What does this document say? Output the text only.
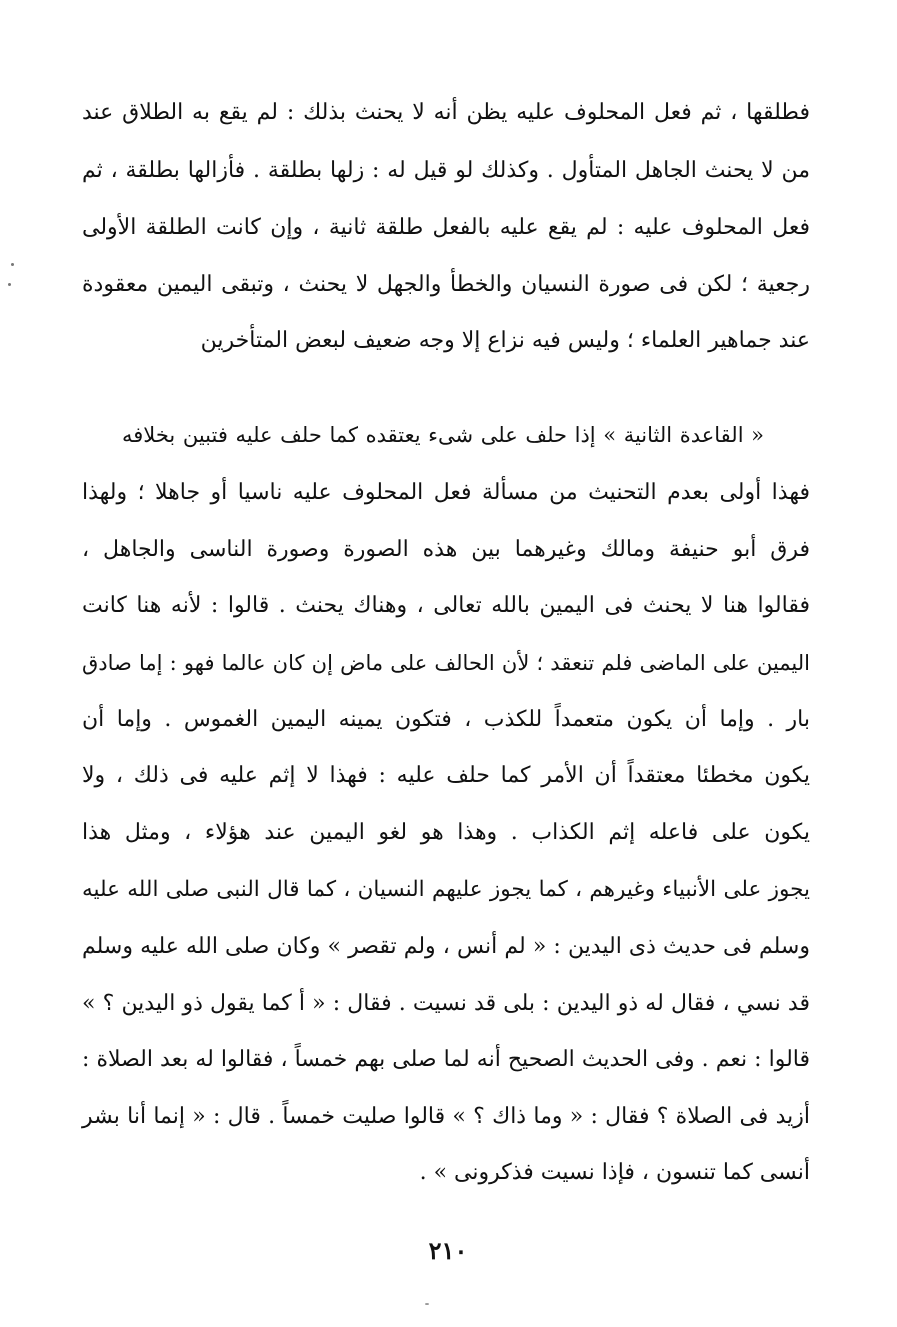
فطلقها ، ثم فعل المحلوف عليه يظن أنه لا يحنث بذلك : لم يقع به الطلاق عند
من لا يحنث الجاهل المتأول . وكذلك لو قيل له : زلها بطلقة . فأزالها بطلقة ، ثم
فعل المحلوف عليه : لم يقع عليه بالفعل طلقة ثانية ، وإن كانت الطلقة الأولى
رجعية ؛ لكن فى صورة النسيان والخطأ والجهل لا يحنث ، وتبقى اليمين معقودة
عند جماهير العلماء ؛ وليس فيه نزاع إلا وجه ضعيف لبعض المتأخرين
« القاعدة الثانية » إذا حلف على شىء يعتقده كما حلف عليه فتبين بخلافه
فهذا أولى بعدم التحنيث من مسألة فعل المحلوف عليه ناسيا أو جاهلا ؛ ولهذا
فرق أبو حنيفة ومالك وغيرهما بين هذه الصورة وصورة الناسى والجاهل ،
فقالوا هنا لا يحنث فى اليمين بالله تعالى ، وهناك يحنث . قالوا : لأنه هنا كانت
اليمين على الماضى فلم تنعقد ؛ لأن الحالف على ماض إن كان عالما فهو : إما صادق
بار . وإما أن يكون متعمداً للكذب ، فتكون يمينه اليمين الغموس . وإما أن
يكون مخطئا معتقداً أن الأمر كما حلف عليه : فهذا لا إثم عليه فى ذلك ، ولا
يكون على فاعله إثم الكذاب . وهذا هو لغو اليمين عند هؤلاء ، ومثل هذا
يجوز على الأنبياء وغيرهم ، كما يجوز عليهم النسيان ، كما قال النبى صلى الله عليه
وسلم فى حديث ذى اليدين : « لم أنس ، ولم تقصر » وكان صلى الله عليه وسلم
قد نسي ، فقال له ذو اليدين : بلى قد نسيت . فقال : « أ كما يقول ذو اليدين ؟ »
قالوا : نعم . وفى الحديث الصحيح أنه لما صلى بهم خمساً ، فقالوا له بعد الصلاة :
أزيد فى الصلاة ؟ فقال : « وما ذاك ؟ » قالوا صليت خمساً . قال : « إنما أنا بشر
أنسى كما تنسون ، فإذا نسيت فذكرونى » .
٢١٠
